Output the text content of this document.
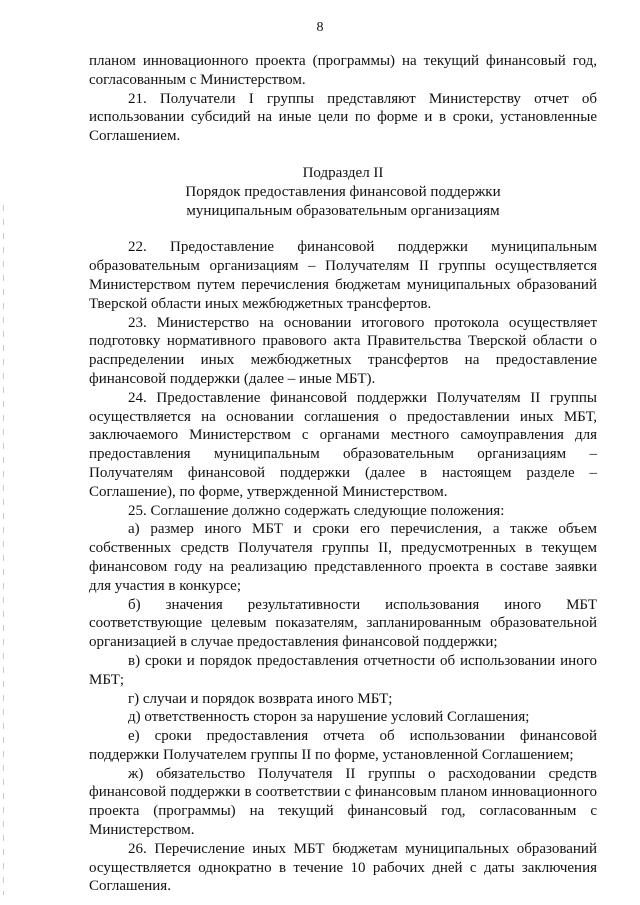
8

планом инновационного проекта (программы) на текущий финансовый год, согласованным с Министерством.

21. Получатели I группы представляют Министерству отчет об использовании субсидий на иные цели по форме и в сроки, установленные Соглашением.

Подраздел II

Порядок предоставления финансовой поддержки

муниципальным образовательным организациям

22. Предоставление финансовой поддержки муниципальным образовательным организациям – Получателям II группы осуществляется Министерством путем перечисления бюджетам муниципальных образований Тверской области иных межбюджетных трансфертов.

23. Министерство на основании итогового протокола осуществляет подготовку нормативного правового акта Правительства Тверской области о распределении иных межбюджетных трансфертов на предоставление финансовой поддержки (далее – иные МБТ).

24. Предоставление финансовой поддержки Получателям II группы осуществляется на основании соглашения о предоставлении иных МБТ, заключаемого Министерством с органами местного самоуправления для предоставления муниципальным образовательным организациям – Получателям финансовой поддержки (далее в настоящем разделе – Соглашение), по форме, утвержденной Министерством.

25. Соглашение должно содержать следующие положения:

а) размер иного МБТ и сроки его перечисления, а также объем собственных средств Получателя группы II, предусмотренных в текущем финансовом году на реализацию представленного проекта в составе заявки для участия в конкурсе;

б) значения результативности использования иного МБТ соответствующие целевым показателям, запланированным образовательной организацией в случае предоставления финансовой поддержки;

в) сроки и порядок предоставления отчетности об использовании иного МБТ;

г) случаи и порядок возврата иного МБТ;

д) ответственность сторон за нарушение условий Соглашения;

е) сроки предоставления отчета об использовании финансовой поддержки Получателем группы II по форме, установленной Соглашением;

ж) обязательство Получателя II группы о расходовании средств финансовой поддержки в соответствии с финансовым планом инновационного проекта (программы) на текущий финансовый год, согласованным с Министерством.

26. Перечисление иных МБТ бюджетам муниципальных образований осуществляется однократно в течение 10 рабочих дней с даты заключения Соглашения.
